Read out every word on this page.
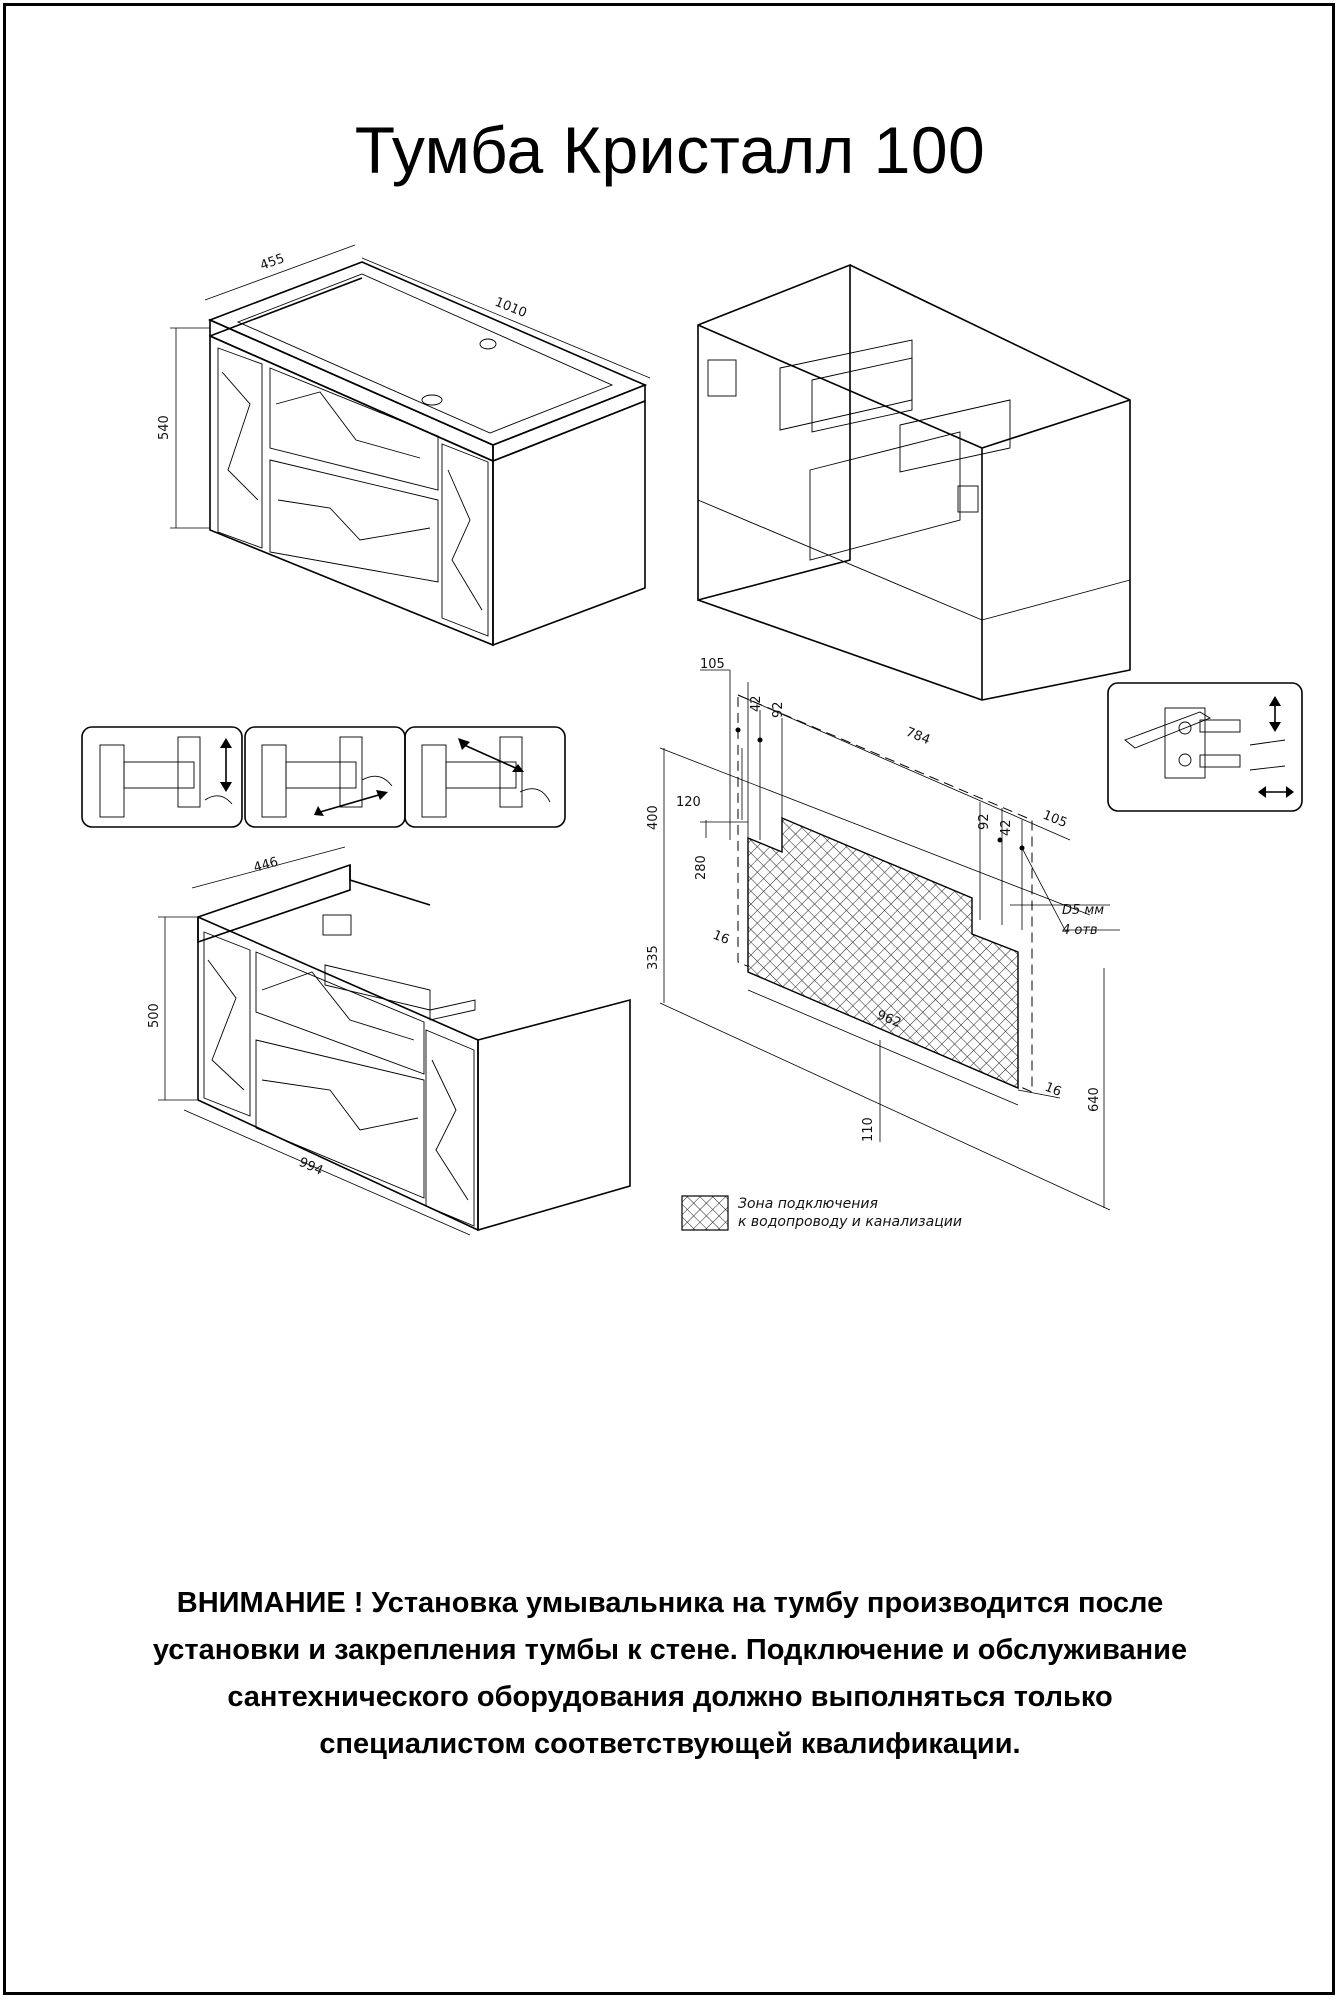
Тумба Кристалл 100
455
1010
540
446
500
994
105
42 92
784
92 42 105
120
400
280
335
16
962
16
110
640
D5 мм
4 отв
Зона подключения
к водопроводу и канализации
ВНИМАНИЕ ! Установка умывальника на тумбу производится после
установки и закрепления тумбы к стене. Подключение и обслуживание
сантехнического оборудования должно выполняться только
специалистом соответствующей квалификации.
